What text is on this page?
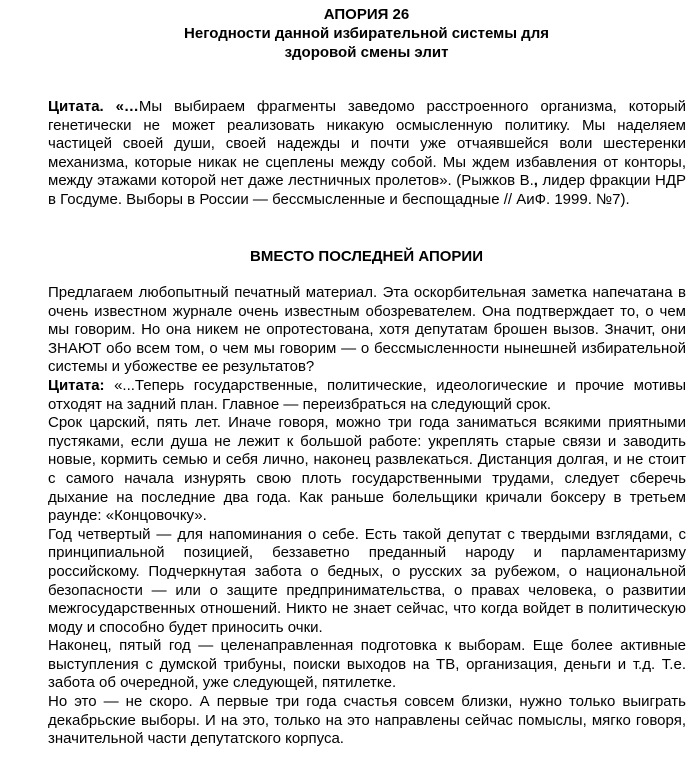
АПОРИЯ 26
Негодности данной избирательной системы для
здоровой смены элит

Цитата. «…Мы выбираем фрагменты заведомо расстроенного организма, который генетически не может реализовать никакую осмысленную политику. Мы наделяем частицей своей души, своей надежды и почти уже отчаявшейся воли шестеренки механизма, которые никак не сцеплены между собой. Мы ждем избавления от конторы, между этажами которой нет даже лестничных пролетов». (Рыжков В., лидер фракции НДР в Госдуме. Выборы в России — бессмысленные и беспощадные // АиФ. 1999. №7).

ВМЕСТО ПОСЛЕДНЕЙ АПОРИИ

Предлагаем любопытный печатный материал. Эта оскорбительная заметка напечатана в очень известном журнале очень известным обозревателем. Она подтверждает то, о чем мы говорим. Но она никем не опротестована, хотя депутатам брошен вызов. Значит, они ЗНАЮТ обо всем том, о чем мы говорим — о бессмысленности нынешней избирательной системы и убожестве ее результатов?

Цитата: «...Теперь государственные, политические, идеологические и прочие мотивы отходят на задний план. Главное — переизбраться на следующий срок.

Срок царский, пять лет. Иначе говоря, можно три года заниматься всякими приятными пустяками, если душа не лежит к большой работе: укреплять старые связи и заводить новые, кормить семью и себя лично, наконец развлекаться. Дистанция долгая, и не стоит с самого начала изнурять свою плоть государственными трудами, следует сберечь дыхание на последние два года. Как раньше болельщики кричали боксеру в третьем раунде: «Концовочку».

Год четвертый — для напоминания о себе. Есть такой депутат с твердыми взглядами, с принципиальной позицией, беззаветно преданный народу и парламентаризму российскому. Подчеркнутая забота о бедных, о русских за рубежом, о национальной безопасности — или о защите предпринимательства, о правах человека, о развитии межгосударственных отношений. Никто не знает сейчас, что когда войдет в политическую моду и способно будет приносить очки.

Наконец, пятый год — целенаправленная подготовка к выборам. Еще более активные выступления с думской трибуны, поиски выходов на ТВ, организация, деньги и т.д. Т.е. забота об очередной, уже следующей, пятилетке.

Но это — не скоро. А первые три года счастья совсем близки, нужно только выиграть декабрьские выборы. И на это, только на это направлены сейчас помыслы, мягко говоря, значительной части депутатского корпуса.
